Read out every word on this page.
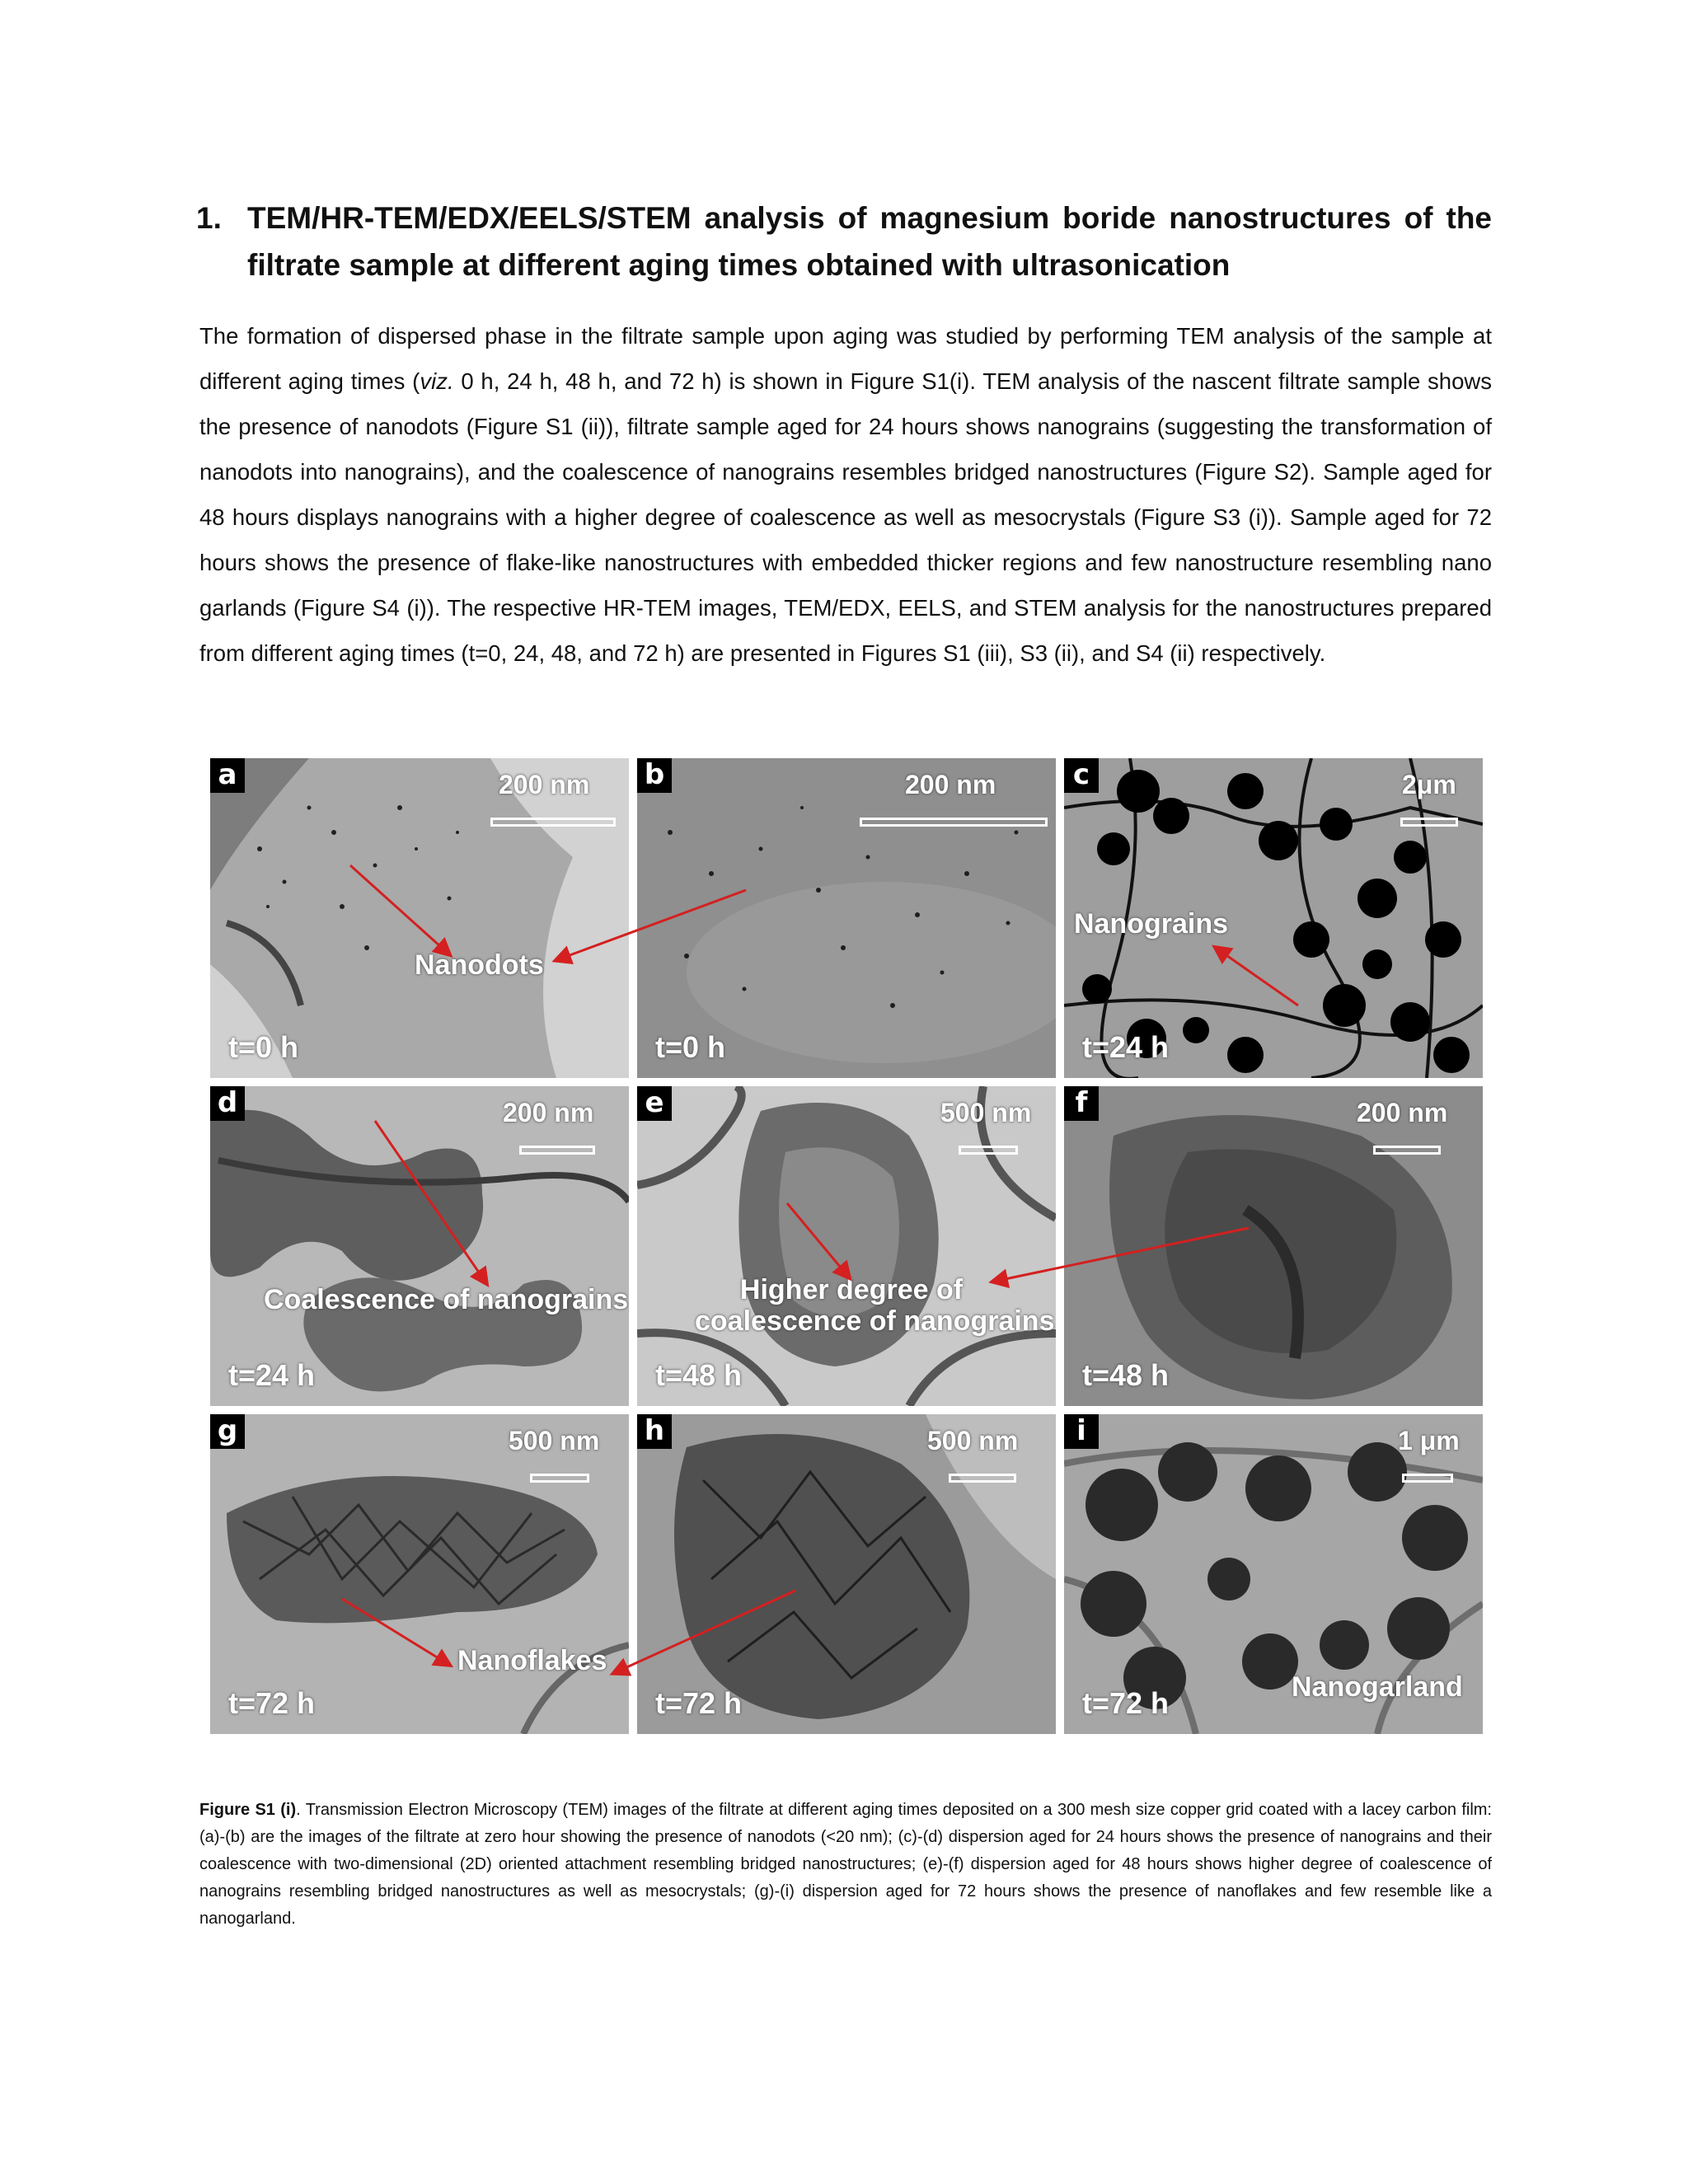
1. TEM/HR-TEM/EDX/EELS/STEM analysis of magnesium boride nanostructures of the filtrate sample at different aging times obtained with ultrasonication

The formation of dispersed phase in the filtrate sample upon aging was studied by performing TEM analysis of the sample at different aging times (viz. 0 h, 24 h, 48 h, and 72 h) is shown in Figure S1(i). TEM analysis of the nascent filtrate sample shows the presence of nanodots (Figure S1 (ii)), filtrate sample aged for 24 hours shows nanograins (suggesting the transformation of nanodots into nanograins), and the coalescence of nanograins resembles bridged nanostructures (Figure S2). Sample aged for 48 hours displays nanograins with a higher degree of coalescence as well as mesocrystals (Figure S3 (i)). Sample aged for 72 hours shows the presence of flake-like nanostructures with embedded thicker regions and few nanostructure resembling nano garlands (Figure S4 (i)). The respective HR-TEM images, TEM/EDX, EELS, and STEM analysis for the nanostructures prepared from different aging times (t=0, 24, 48, and 72 h) are presented in Figures S1 (iii), S3 (ii), and S4 (ii) respectively.

a	200 nm
t=0 h
b	200 nm
t=0 h
c	2μm
Nanograins
t=24 h
d	200 nm
Coalescence of nanograins
t=24 h
e	500 nm
Higher degree of
coalescence of nanograins
t=48 h
f	200 nm
t=48 h
g	500 nm
Nanoflakes
t=72 h
h	500 nm
t=72 h
i	1 μm
Nanogarland
t=72 h
Nanodots

Figure S1 (i). Transmission Electron Microscopy (TEM) images of the filtrate at different aging times deposited on a 300 mesh size copper grid coated with a lacey carbon film: (a)-(b) are the images of the filtrate at zero hour showing the presence of nanodots (<20 nm); (c)-(d) dispersion aged for 24 hours shows the presence of nanograins and their coalescence with two-dimensional (2D) oriented attachment resembling bridged nanostructures; (e)-(f) dispersion aged for 48 hours shows higher degree of coalescence of nanograins resembling bridged nanostructures as well as mesocrystals; (g)-(i) dispersion aged for 72 hours shows the presence of nanoflakes and few resemble like a nanogarland.
